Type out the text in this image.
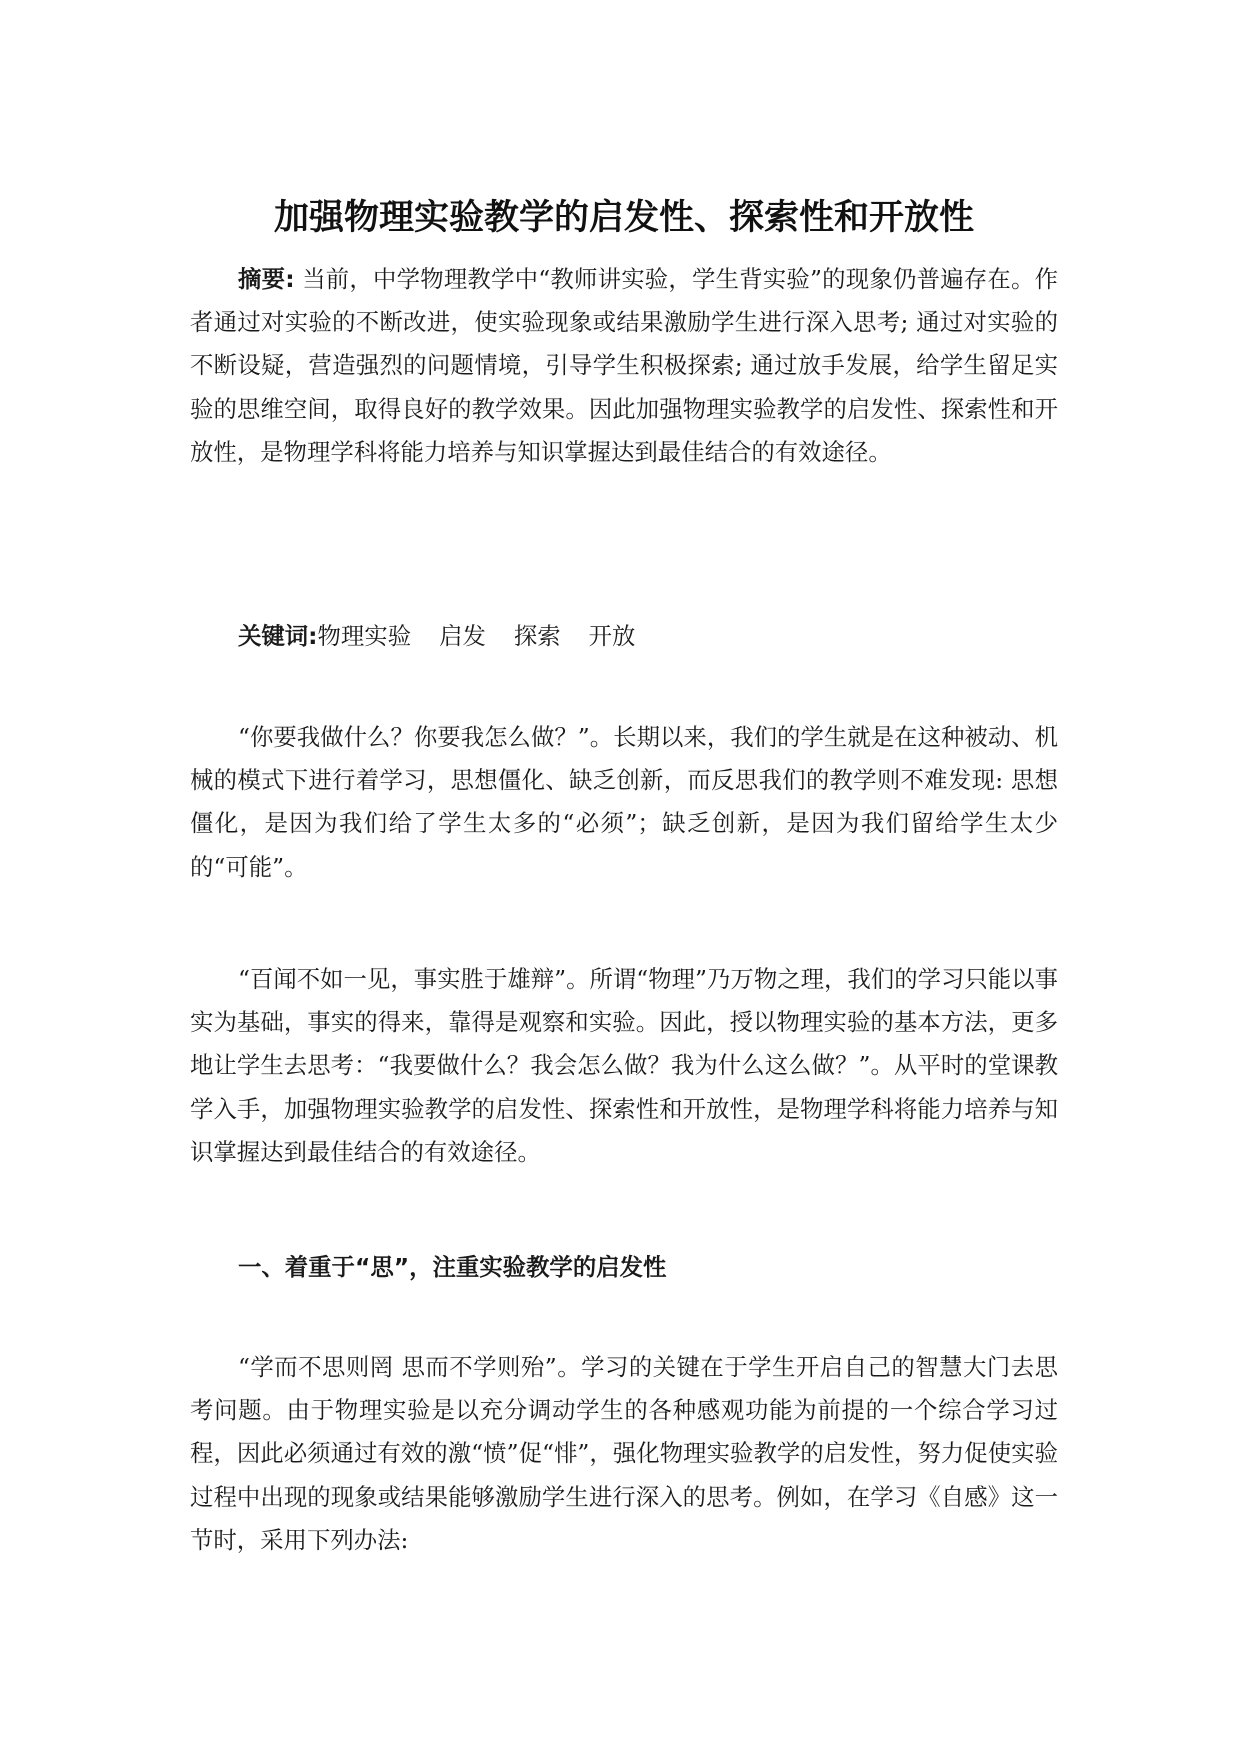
加强物理实验教学的启发性、探索性和开放性

摘要: 当前，中学物理教学中“教师讲实验，学生背实验”的现象仍普遍存在。作者通过对实验的不断改进，使实验现象或结果激励学生进行深入思考; 通过对实验的不断设疑，营造强烈的问题情境，引导学生积极探索; 通过放手发展，给学生留足实验的思维空间，取得良好的教学效果。因此加强物理实验教学的启发性、探索性和开放性，是物理学科将能力培养与知识掌握达到最佳结合的有效途径。

关键词:物理实验 启发 探索 开放

“你要我做什么？你要我怎么做？”。长期以来，我们的学生就是在这种被动、机械的模式下进行着学习，思想僵化、缺乏创新，而反思我们的教学则不难发现: 思想僵化，是因为我们给了学生太多的“必须”；缺乏创新，是因为我们留给学生太少的“可能”。

“百闻不如一见，事实胜于雄辩”。所谓“物理”乃万物之理，我们的学习只能以事实为基础，事实的得来，靠得是观察和实验。因此，授以物理实验的基本方法，更多地让学生去思考：“我要做什么？我会怎么做？我为什么这么做？”。从平时的堂课教学入手，加强物理实验教学的启发性、探索性和开放性，是物理学科将能力培养与知识掌握达到最佳结合的有效途径。

一、着重于“思”，注重实验教学的启发性

“学而不思则罔 思而不学则殆”。学习的关键在于学生开启自己的智慧大门去思考问题。由于物理实验是以充分调动学生的各种感观功能为前提的一个综合学习过程，因此必须通过有效的激“愤”促“悱”，强化物理实验教学的启发性，努力促使实验过程中出现的现象或结果能够激励学生进行深入的思考。例如，在学习《自感》这一节时，采用下列办法:
